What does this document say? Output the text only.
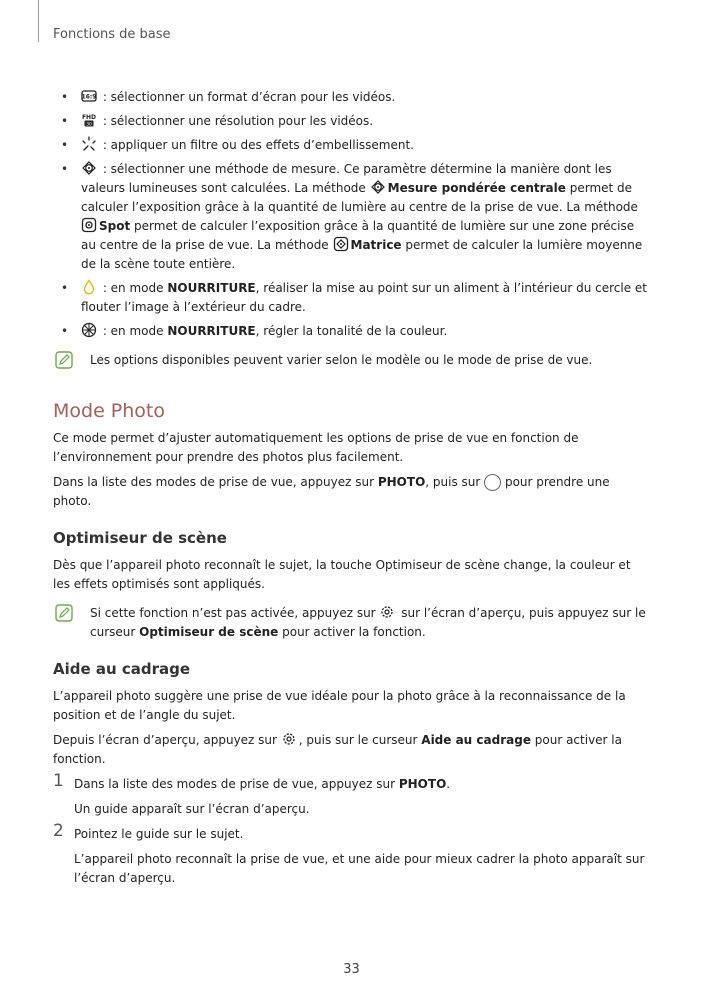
Fonctions de base
• 16:9 : sélectionner un format d’écran pour les vidéos.
• FHD
30 : sélectionner une résolution pour les vidéos.
• : appliquer un filtre ou des effets d’embellissement.
• : sélectionner une méthode de mesure. Ce paramètre détermine la manière dont les valeurs lumineuses sont calculées. La méthode
Mesure pondérée centrale permet de calculer l’exposition grâce à la quantité de lumière au centre de la prise de vue. La méthode
Spot permet de calculer l’exposition grâce à la quantité de lumière sur une zone précise au centre de la prise de vue. La méthode
Matrice permet de calculer la lumière moyenne de la scène toute entière.
• : en mode NOURRITURE, réaliser la mise au point sur un aliment à l’intérieur du cercle et flouter l’image à l’extérieur du cadre.
• : en mode NOURRITURE, régler la tonalité de la couleur.
Les options disponibles peuvent varier selon le modèle ou le mode de prise de vue.
Mode Photo

Ce mode permet d’ajuster automatiquement les options de prise de vue en fonction de l’environnement pour prendre des photos plus facilement.

Dans la liste des modes de prise de vue, appuyez sur PHOTO, puis sur  pour prendre une photo.

Optimiseur de scène

Dès que l’appareil photo reconnaît le sujet, la touche Optimiseur de scène change, la couleur et les effets optimisés sont appliqués.

Si cette fonction n’est pas activée, appuyez sur
sur l’écran d’aperçu, puis appuyez sur le curseur Optimiseur de scène pour activer la fonction.
Aide au cadrage

L’appareil photo suggère une prise de vue idéale pour la photo grâce à la reconnaissance de la position et de l’angle du sujet.

Depuis l’écran d’aperçu, appuyez sur
, puis sur le curseur Aide au cadrage pour activer la fonction.

1 Dans la liste des modes de prise de vue, appuyez sur PHOTO.

Un guide apparaît sur l’écran d’aperçu.

2 Pointez le guide sur le sujet.

L’appareil photo reconnaît la prise de vue, et une aide pour mieux cadrer la photo apparaît sur l’écran d’aperçu.

33
